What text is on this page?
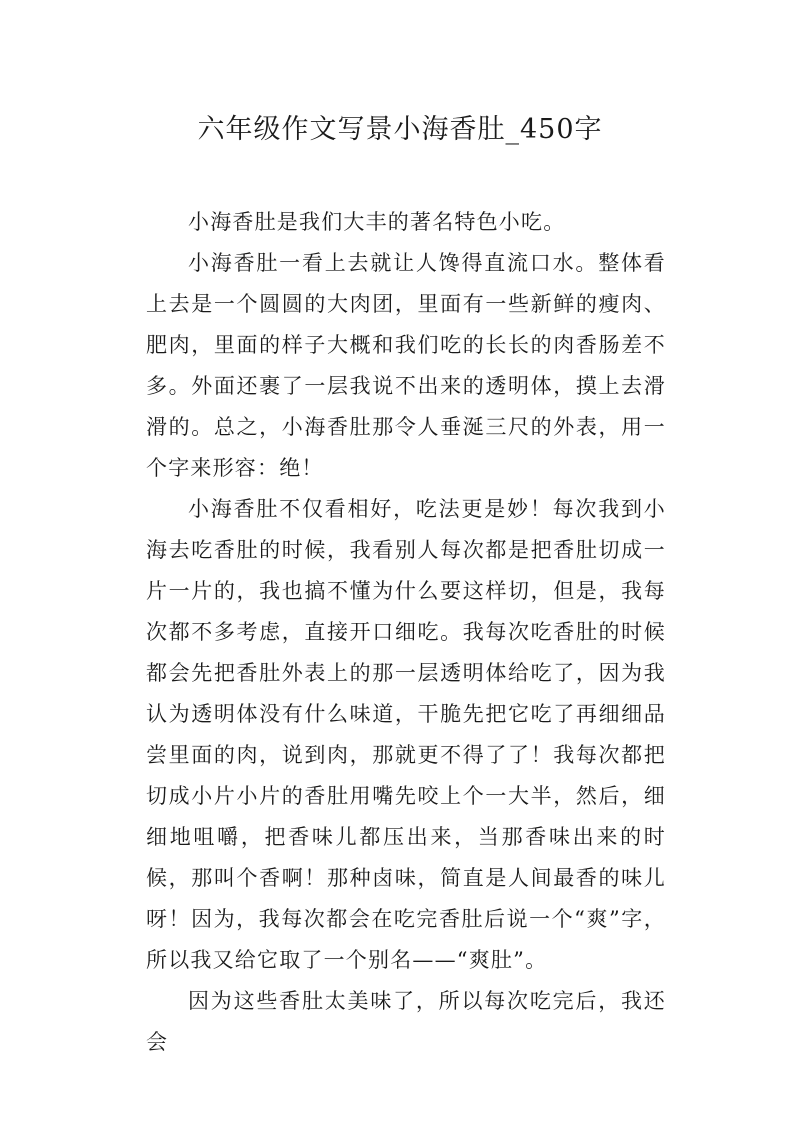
六年级作文写景小海香肚_450字

小海香肚是我们大丰的著名特色小吃。

小海香肚一看上去就让人馋得直流口水。整体看上去是一个圆圆的大肉团，里面有一些新鲜的瘦肉、肥肉，里面的样子大概和我们吃的长长的肉香肠差不多。外面还裹了一层我说不出来的透明体，摸上去滑滑的。总之，小海香肚那令人垂涎三尺的外表，用一个字来形容：绝！

小海香肚不仅看相好，吃法更是妙！每次我到小海去吃香肚的时候，我看别人每次都是把香肚切成一片一片的，我也搞不懂为什么要这样切，但是，我每次都不多考虑，直接开口细吃。我每次吃香肚的时候都会先把香肚外表上的那一层透明体给吃了，因为我认为透明体没有什么味道，干脆先把它吃了再细细品尝里面的肉，说到肉，那就更不得了了！我每次都把切成小片小片的香肚用嘴先咬上个一大半，然后，细细地咀嚼，把香味儿都压出来，当那香味出来的时候，那叫个香啊！那种卤味，简直是人间最香的味儿呀！因为，我每次都会在吃完香肚后说一个“爽”字，所以我又给它取了一个别名——“爽肚”。

因为这些香肚太美味了，所以每次吃完后，我还会
